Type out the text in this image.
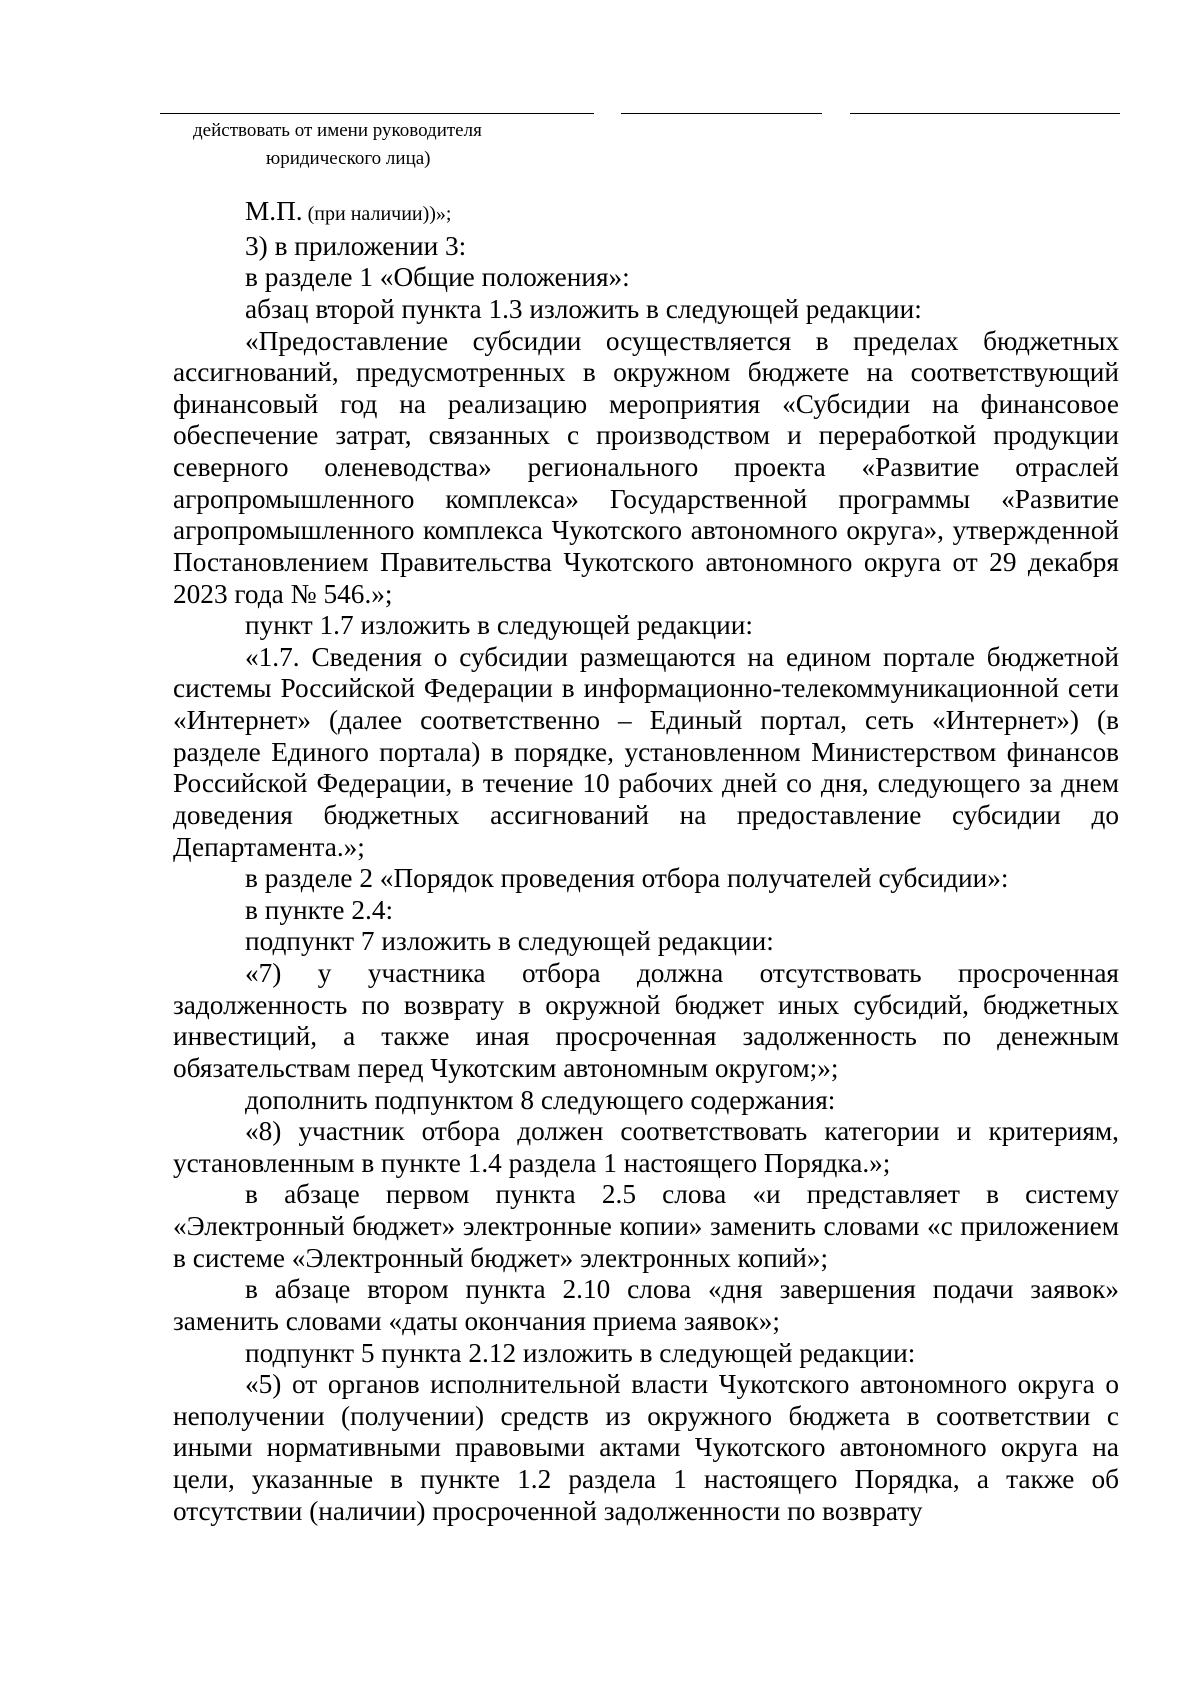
действовать от имени руководителя
юридического лица)

М.П. (при наличии))»;

3) в приложении 3:

в разделе 1 «Общие положения»:

абзац второй пункта 1.3 изложить в следующей редакции:

«Предоставление субсидии осуществляется в пределах бюджетных ассигнований, предусмотренных в окружном бюджете на соответствующий финансовый год на реализацию мероприятия «Субсидии на финансовое обеспечение затрат, связанных с производством и переработкой продукции северного оленеводства» регионального проекта «Развитие отраслей агропромышленного комплекса» Государственной программы «Развитие агропромышленного комплекса Чукотского автономного округа», утвержденной Постановлением Правительства Чукотского автономного округа от 29 декабря 2023 года № 546.»;

пункт 1.7 изложить в следующей редакции:

«1.7. Сведения о субсидии размещаются на едином портале бюджетной системы Российской Федерации в информационно-телекоммуникационной сети «Интернет» (далее соответственно – Единый портал, сеть «Интернет») (в разделе Единого портала) в порядке, установленном Министерством финансов Российской Федерации, в течение 10 рабочих дней со дня, следующего за днем доведения бюджетных ассигнований на предоставление субсидии до Департамента.»;

в разделе 2 «Порядок проведения отбора получателей субсидии»:

в пункте 2.4:

подпункт 7 изложить в следующей редакции:

«7) у участника отбора должна отсутствовать просроченная задолженность по возврату в окружной бюджет иных субсидий, бюджетных инвестиций, а также иная просроченная задолженность по денежным обязательствам перед Чукотским автономным округом;»;

дополнить подпунктом 8 следующего содержания:

«8) участник отбора должен соответствовать категории и критериям, установленным в пункте 1.4 раздела 1 настоящего Порядка.»;

в абзаце первом пункта 2.5 слова «и представляет в систему «Электронный бюджет» электронные копии» заменить словами «с приложением в системе «Электронный бюджет» электронных копий»;

в абзаце втором пункта 2.10 слова «дня завершения подачи заявок» заменить словами «даты окончания приема заявок»;

подпункт 5 пункта 2.12 изложить в следующей редакции:

«5) от органов исполнительной власти Чукотского автономного округа о неполучении (получении) средств из окружного бюджета в соответствии с иными нормативными правовыми актами Чукотского автономного округа на цели, указанные в пункте 1.2 раздела 1 настоящего Порядка, а также об отсутствии (наличии) просроченной задолженности по возврату
